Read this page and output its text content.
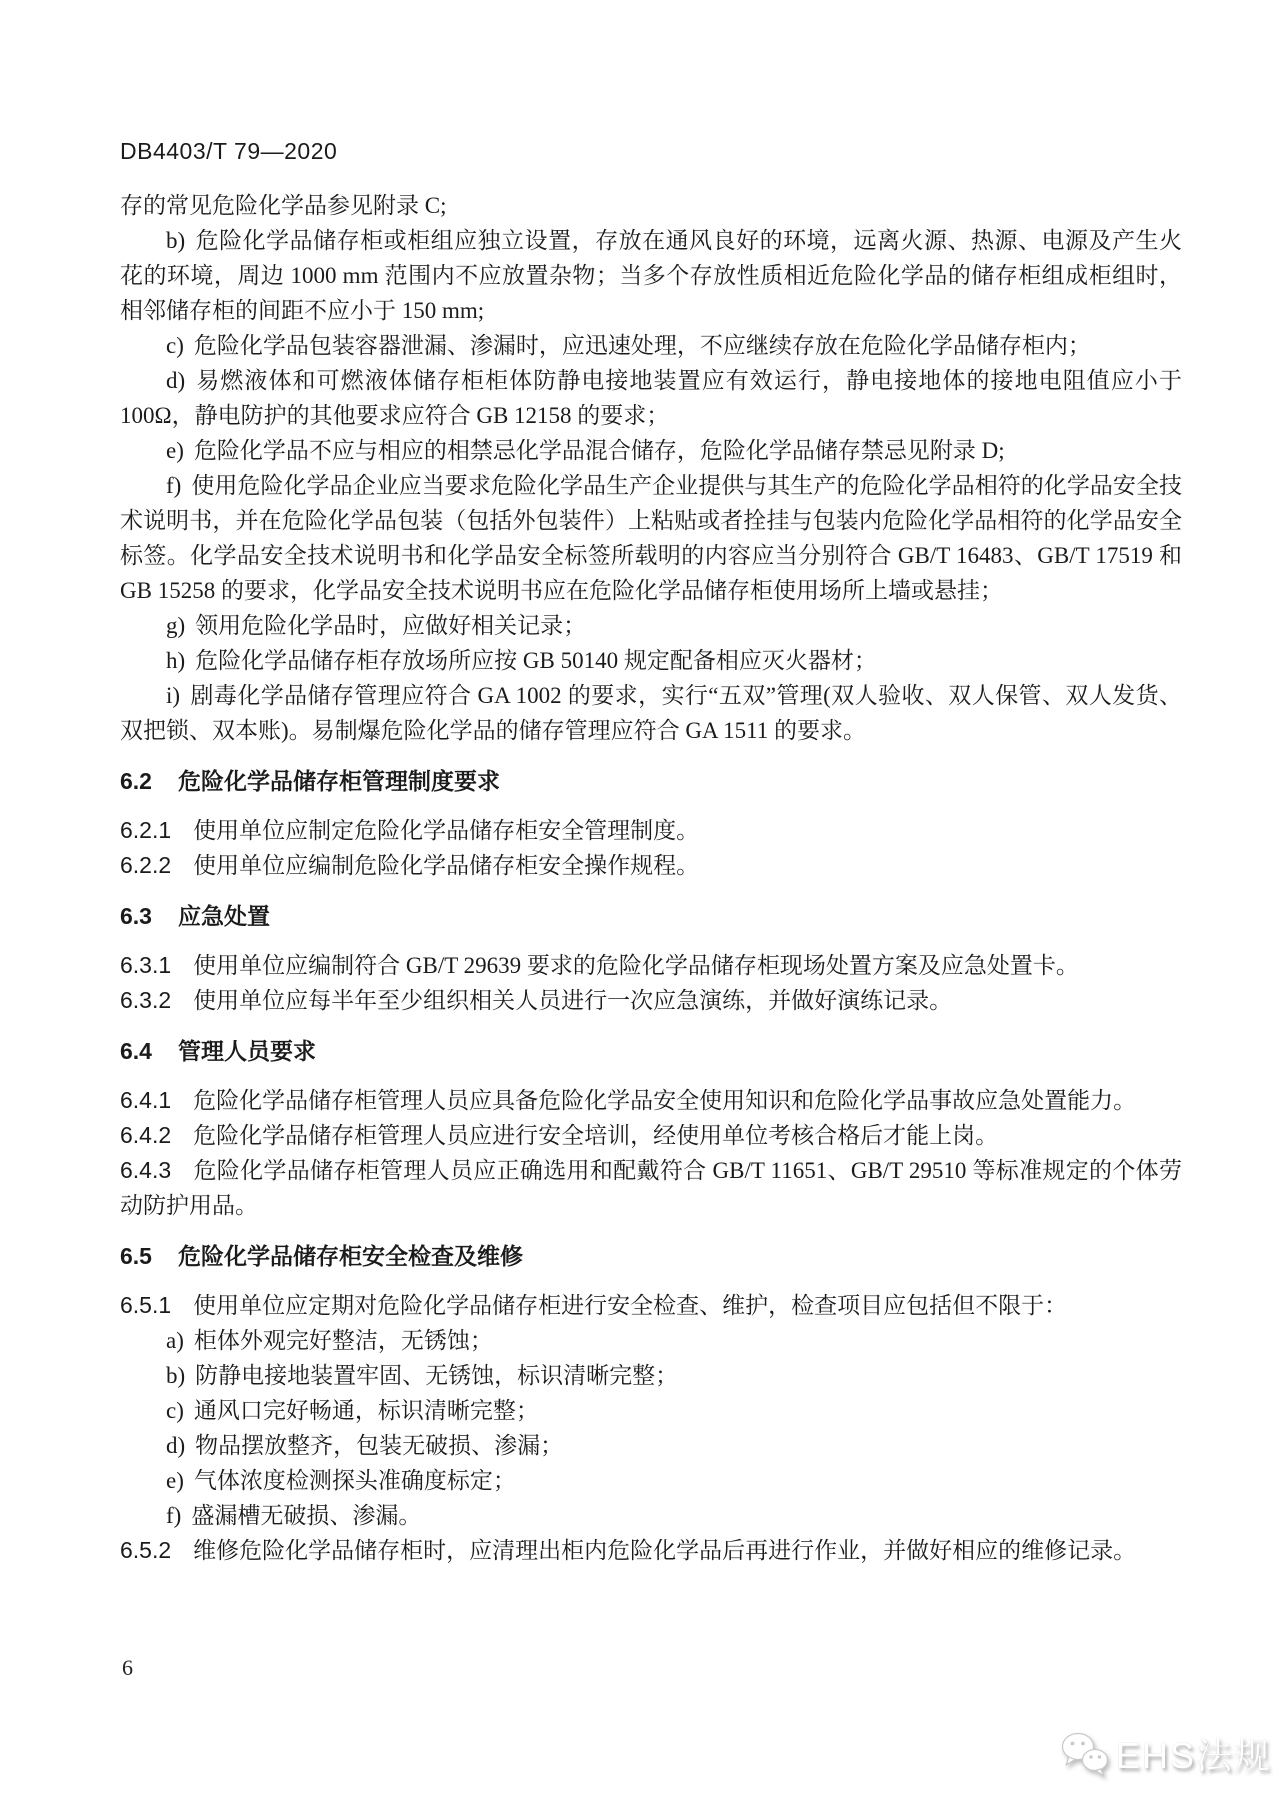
DB4403/T 79—2020

存的常见危险化学品参见附录 C;

b) 危险化学品储存柜或柜组应独立设置，存放在通风良好的环境，远离火源、热源、电源及产生火花的环境，周边 1000 mm 范围内不应放置杂物；当多个存放性质相近危险化学品的储存柜组成柜组时，相邻储存柜的间距不应小于 150 mm;

c) 危险化学品包装容器泄漏、渗漏时，应迅速处理，不应继续存放在危险化学品储存柜内；

d) 易燃液体和可燃液体储存柜柜体防静电接地装置应有效运行，静电接地体的接地电阻值应小于 100Ω，静电防护的其他要求应符合 GB 12158 的要求；

e) 危险化学品不应与相应的相禁忌化学品混合储存，危险化学品储存禁忌见附录 D;

f) 使用危险化学品企业应当要求危险化学品生产企业提供与其生产的危险化学品相符的化学品安全技术说明书，并在危险化学品包装（包括外包装件）上粘贴或者拴挂与包装内危险化学品相符的化学品安全标签。化学品安全技术说明书和化学品安全标签所载明的内容应当分别符合 GB/T 16483、GB/T 17519 和 GB 15258 的要求，化学品安全技术说明书应在危险化学品储存柜使用场所上墙或悬挂；

g) 领用危险化学品时，应做好相关记录；

h) 危险化学品储存柜存放场所应按 GB 50140 规定配备相应灭火器材；

i) 剧毒化学品储存管理应符合 GA 1002 的要求，实行“五双”管理(双人验收、双人保管、双人发货、双把锁、双本账)。易制爆危险化学品的储存管理应符合 GA 1511 的要求。

6.2 危险化学品储存柜管理制度要求

6.2.1 使用单位应制定危险化学品储存柜安全管理制度。

6.2.2 使用单位应编制危险化学品储存柜安全操作规程。

6.3 应急处置

6.3.1 使用单位应编制符合 GB/T 29639 要求的危险化学品储存柜现场处置方案及应急处置卡。

6.3.2 使用单位应每半年至少组织相关人员进行一次应急演练，并做好演练记录。

6.4 管理人员要求

6.4.1 危险化学品储存柜管理人员应具备危险化学品安全使用知识和危险化学品事故应急处置能力。

6.4.2 危险化学品储存柜管理人员应进行安全培训，经使用单位考核合格后才能上岗。

6.4.3 危险化学品储存柜管理人员应正确选用和配戴符合 GB/T 11651、GB/T 29510 等标准规定的个体劳动防护用品。

6.5 危险化学品储存柜安全检查及维修

6.5.1 使用单位应定期对危险化学品储存柜进行安全检查、维护，检查项目应包括但不限于：

a) 柜体外观完好整洁，无锈蚀；

b) 防静电接地装置牢固、无锈蚀，标识清晰完整；

c) 通风口完好畅通，标识清晰完整；

d) 物品摆放整齐，包装无破损、渗漏；

e) 气体浓度检测探头准确度标定；

f) 盛漏槽无破损、渗漏。

6.5.2 维修危险化学品储存柜时，应清理出柜内危险化学品后再进行作业，并做好相应的维修记录。

6
EHS法规
